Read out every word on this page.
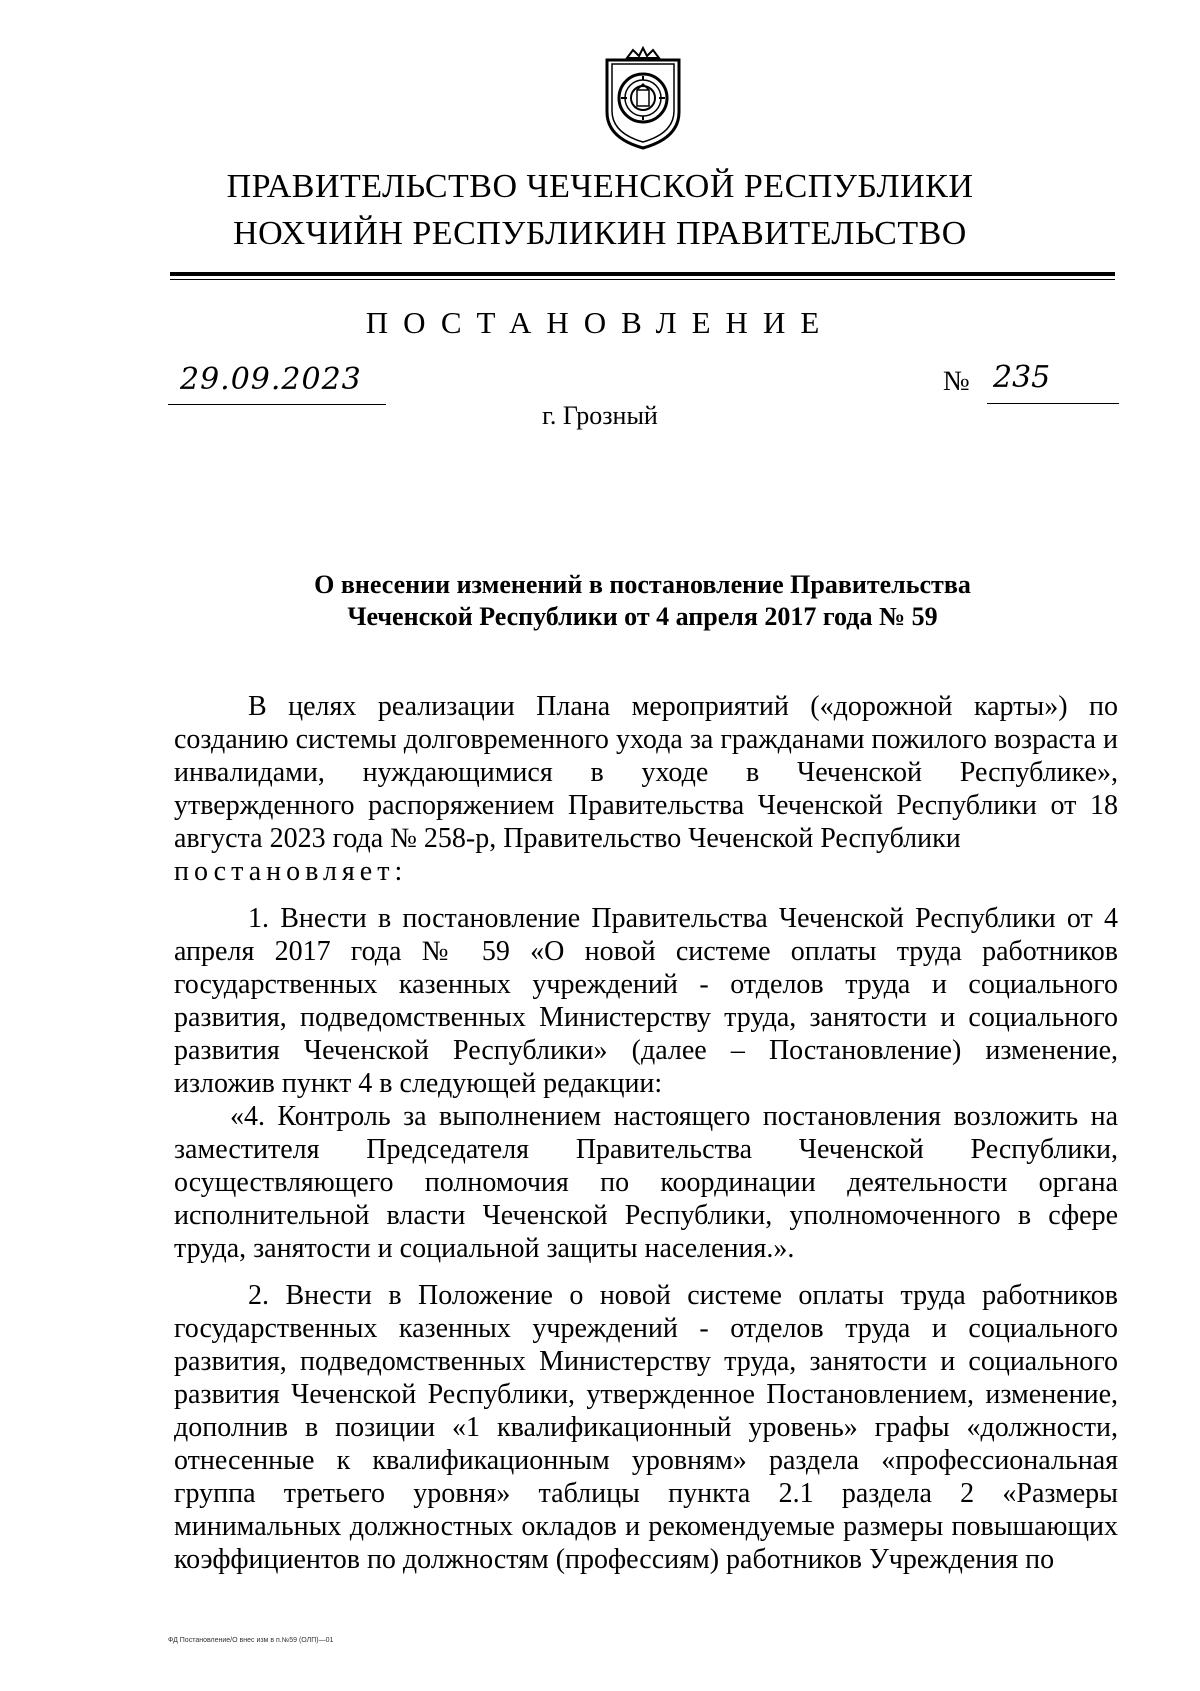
ПРАВИТЕЛЬСТВО ЧЕЧЕНСКОЙ РЕСПУБЛИКИ
НОХЧИЙН РЕСПУБЛИКИН ПРАВИТЕЛЬСТВО
ПОСТАНОВЛЕНИЕ
29.09.2023	№ 235
г. Грозный
О внесении изменений в постановление Правительства
Чеченской Республики от 4 апреля 2017 года № 59

В целях реализации Плана мероприятий («дорожной карты») по созданию системы долговременного ухода за гражданами пожилого возраста и инвалидами, нуждающимися в уходе в Чеченской Республике», утвержденного распоряжением Правительства Чеченской Республики от 18 августа 2023 года № 258-р, Правительство Чеченской Республики

постановляет:

1. Внести в постановление Правительства Чеченской Республики от 4 апреля 2017 года № 59 «О новой системе оплаты труда работников государственных казенных учреждений - отделов труда и социального развития, подведомственных Министерству труда, занятости и социального развития Чеченской Республики» (далее – Постановление) изменение, изложив пункт 4 в следующей редакции:

«4. Контроль за выполнением настоящего постановления возложить на заместителя Председателя Правительства Чеченской Республики, осуществляющего полномочия по координации деятельности органа исполнительной власти Чеченской Республики, уполномоченного в сфере труда, занятости и социальной защиты населения.».

2. Внести в Положение о новой системе оплаты труда работников государственных казенных учреждений - отделов труда и социального развития, подведомственных Министерству труда, занятости и социального развития Чеченской Республики, утвержденное Постановлением, изменение, дополнив в позиции «1 квалификационный уровень» графы «должности, отнесенные к квалификационным уровням» раздела «профессиональная группа третьего уровня» таблицы пункта 2.1 раздела 2 «Размеры минимальных должностных окладов и рекомендуемые размеры повышающих коэффициентов по должностям (профессиям) работников Учреждения по

ФД Постановление/О внес изм в п.№59 (ОЛП)—01
